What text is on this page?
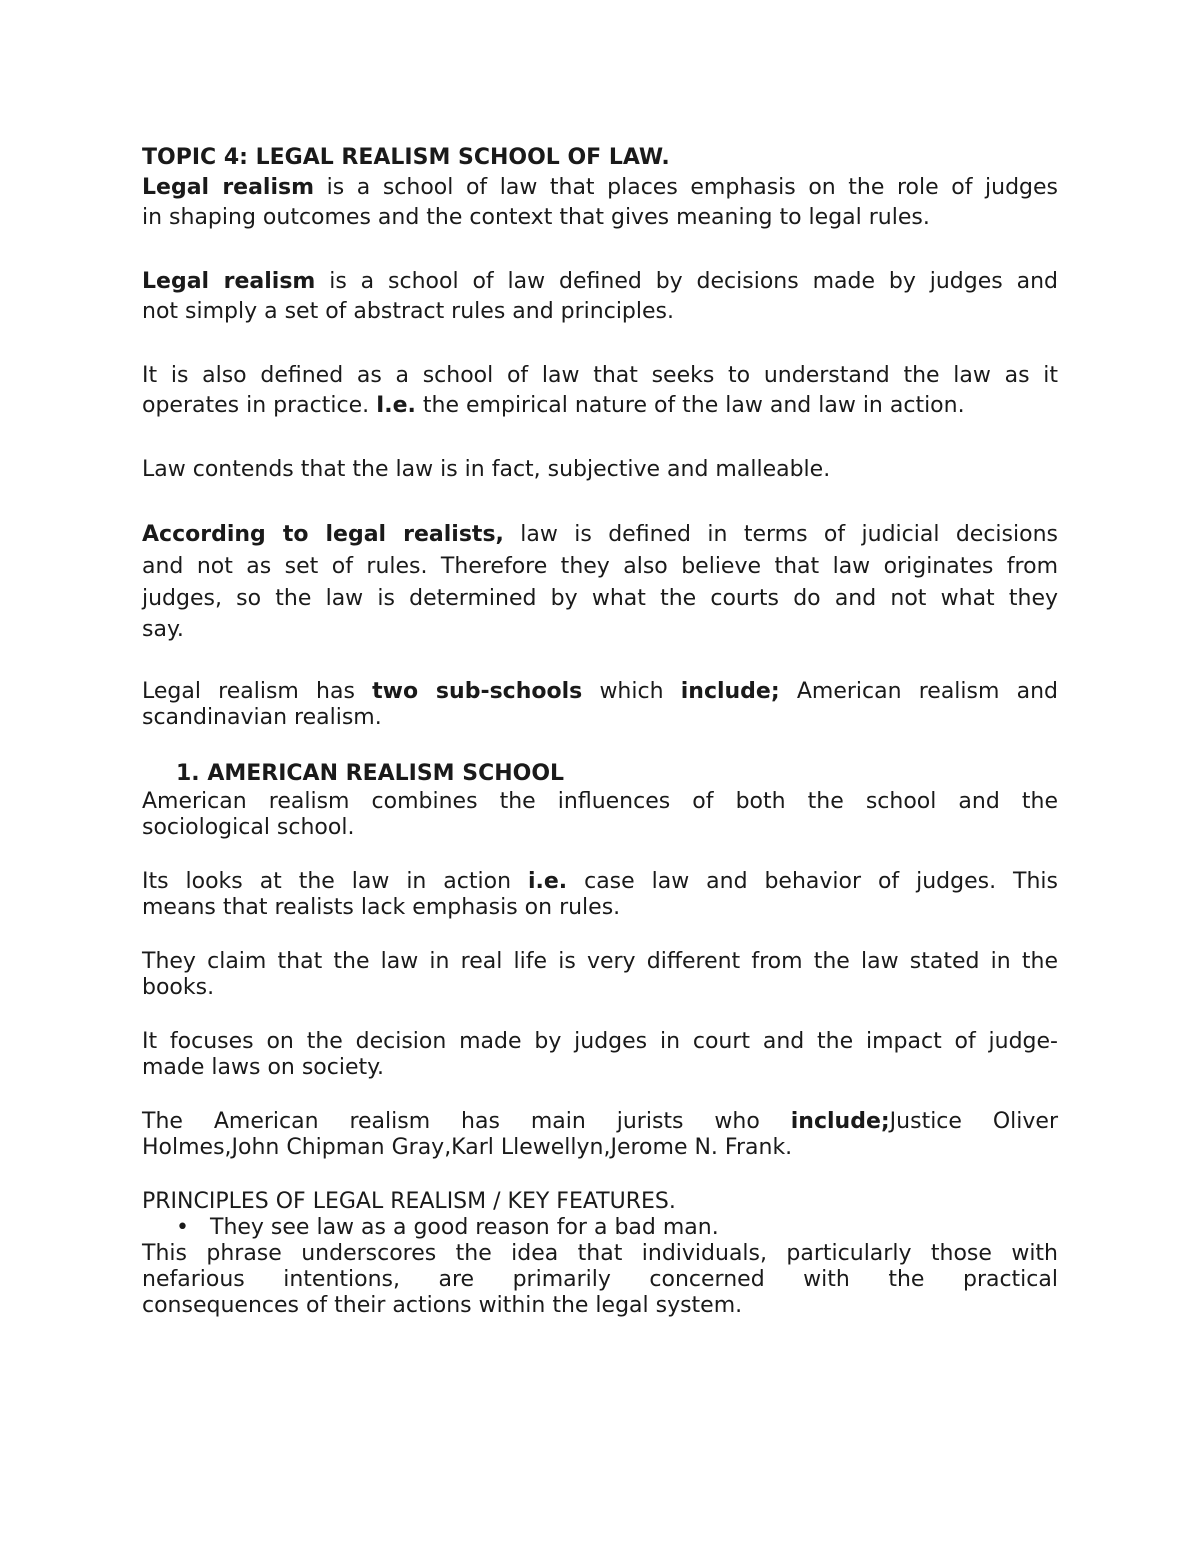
TOPIC 4: LEGAL REALISM SCHOOL OF LAW.
Legal realism is a school of law that places emphasis on the role of judges
in shaping outcomes and the context that gives meaning to legal rules.
Legal realism is a school of law defined by decisions made by judges and
not simply a set of abstract rules and principles.
It is also defined as a school of law that seeks to understand the law as it
operates in practice. I.e. the empirical nature of the law and law in action.
Law contends that the law is in fact, subjective and malleable.
According to legal realists, law is defined in terms of judicial decisions
and not as set of rules. Therefore they also believe that law originates from
judges, so the law is determined by what the courts do and not what they
say.
Legal realism has two sub-schools which include; American realism and
scandinavian realism.
1. AMERICAN REALISM SCHOOL
American realism combines the influences of both the school and the
sociological school.
Its looks at the law in action i.e. case law and behavior of judges. This
means that realists lack emphasis on rules.
They claim that the law in real life is very different from the law stated in the
books.
It focuses on the decision made by judges in court and the impact of judge-
made laws on society.
The American realism has main jurists who include;Justice Oliver
Holmes,John Chipman Gray,Karl Llewellyn,Jerome N. Frank.
PRINCIPLES OF LEGAL REALISM / KEY FEATURES.
• They see law as a good reason for a bad man.
This phrase underscores the idea that individuals, particularly those with
nefarious intentions, are primarily concerned with the practical
consequences of their actions within the legal system.
